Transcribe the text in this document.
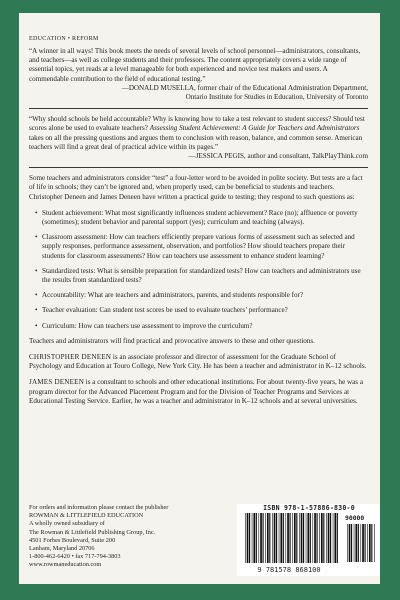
EDUCATION • REFORM

“A winner in all ways! This book meets the needs of several levels of school personnel—administrators, consultants, and teachers—as well as college students and their professors. The content appropriately covers a wide range of essential topics, yet reads at a level manageable for both experienced and novice test makers and users. A commendable contribution to the field of educational testing.”

—DONALD MUSELLA, former chair of the Educational Administration Department,

Ontario Institute for Studies in Education, University of Toronto

“Why should schools be held accountable? Why is knowing how to take a test relevant to student success? Should test scores alone be used to evaluate teachers? Assessing Student Achievement: A Guide for Teachers and Administrators takes on all the pressing questions and argues them to conclusion with reason, balance, and common sense. American teachers will find a great deal of practical advice within its pages.”

—JESSICA PEGIS, author and consultant, TalkPlayThink.com

Some teachers and administrators consider “test” a four-letter word to be avoided in polite society. But tests are a fact of life in schools; they can’t be ignored and, when properly used, can be beneficial to students and teachers. Christopher Deneen and James Deneen have written a practical guide to testing; they respond to such questions as:

• Student achievement: What most significantly influences student achievement? Race (no); affluence or poverty (sometimes); student behavior and parental support (yes); curriculum and teaching (always).
• Classroom assessment: How can teachers efficiently prepare various forms of assessment such as selected and supply responses, performance assessment, observation, and portfolios? How should teachers prepare their students for classroom assessments? How can teachers use assessment to enhance student learning?
• Standardized tests: What is sensible preparation for standardized tests? How can teachers and administrators use the results from standardized tests?
• Accountability: What are teachers and administrators, parents, and students responsible for?
• Teacher evaluation: Can student test scores be used to evaluate teachers’ performance?
• Curriculum: How can teachers use assessment to improve the curriculum?

Teachers and administrators will find practical and provocative answers to these and other questions.

CHRISTOPHER DENEEN is an associate professor and director of assessment for the Graduate School of Psychology and Education at Touro College, New York City. He has been a teacher and administrator in K–12 schools.

JAMES DENEEN is a consultant to schools and other educational institutions. For about twenty-five years, he was a program director for the Advanced Placement Program and for the Division of Teacher Programs and Services at Educational Testing Service. Earlier, he was a teacher and administrator in K–12 schools and at several universities.

For orders and information please contact the publisher
ROWMAN & LITTLEFIELD EDUCATION
A wholly owned subsidiary of
The Rowman & Littlefield Publishing Group, Inc.
4501 Forbes Boulevard, Suite 200
Lanham, Maryland 20706
1-800-462-6420 • fax 717-794-3803
www.rowmaneducation.com
ISBN 978-1-57886-830-0
90000
9 781578 868100
